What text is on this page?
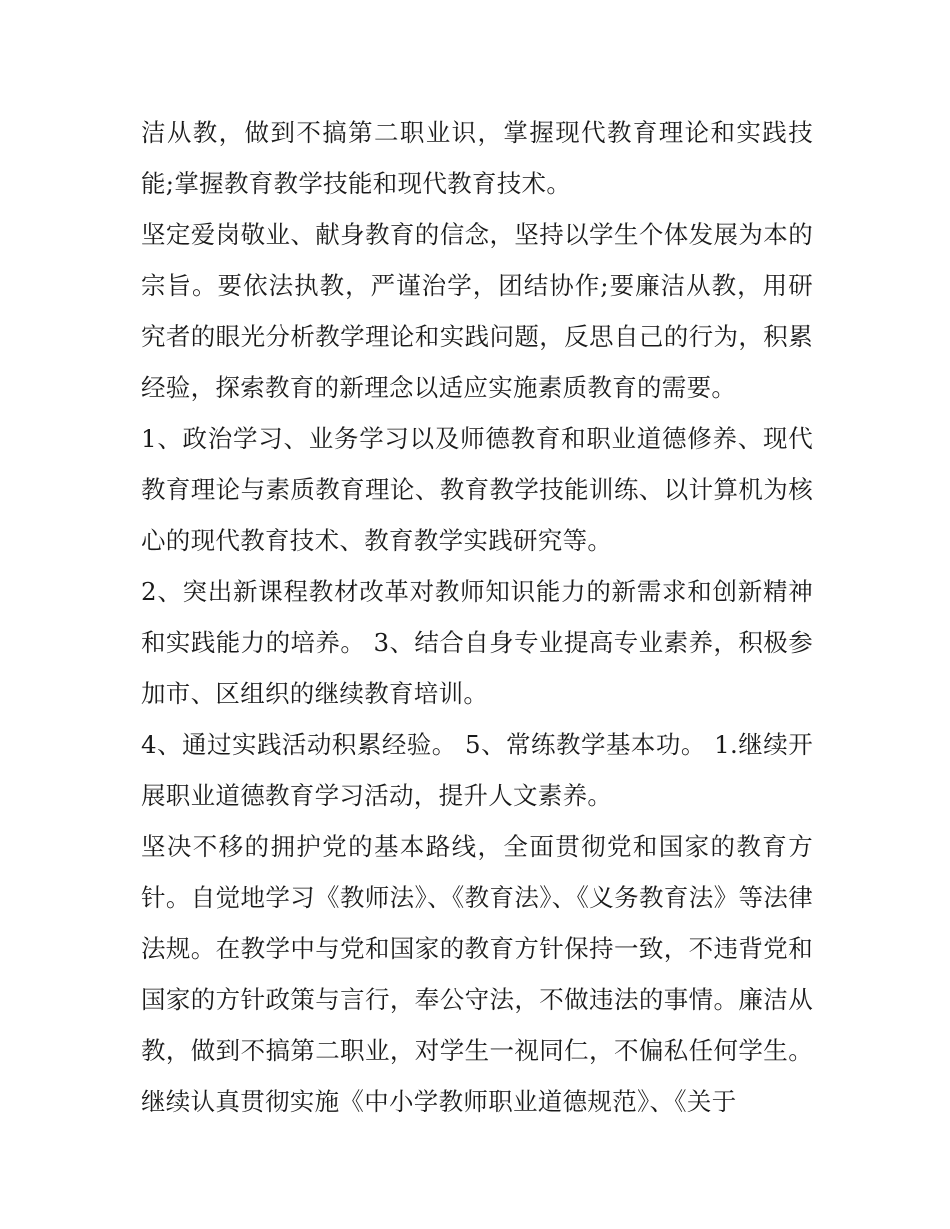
洁从教，做到不搞第二职业识，掌握现代教育理论和实践技能;掌握教育教学技能和现代教育技术。

坚定爱岗敬业、献身教育的信念，坚持以学生个体发展为本的宗旨。要依法执教，严谨治学，团结协作;要廉洁从教，用研究者的眼光分析教学理论和实践问题，反思自己的行为，积累经验，探索教育的新理念以适应实施素质教育的需要。

1、政治学习、业务学习以及师德教育和职业道德修养、现代教育理论与素质教育理论、教育教学技能训练、以计算机为核心的现代教育技术、教育教学实践研究等。

2、突出新课程教材改革对教师知识能力的新需求和创新精神和实践能力的培养。 3、结合自身专业提高专业素养，积极参加市、区组织的继续教育培训。

4、通过实践活动积累经验。 5、常练教学基本功。 1.继续开展职业道德教育学习活动，提升人文素养。

坚决不移的拥护党的基本路线，全面贯彻党和国家的教育方针。自觉地学习《教师法》、《教育法》、《义务教育法》等法律法规。在教学中与党和国家的教育方针保持一致，不违背党和国家的方针政策与言行，奉公守法，不做违法的事情。廉洁从教，做到不搞第二职业，对学生一视同仁，不偏私任何学生。继续认真贯彻实施《中小学教师职业道德规范》、《关于
